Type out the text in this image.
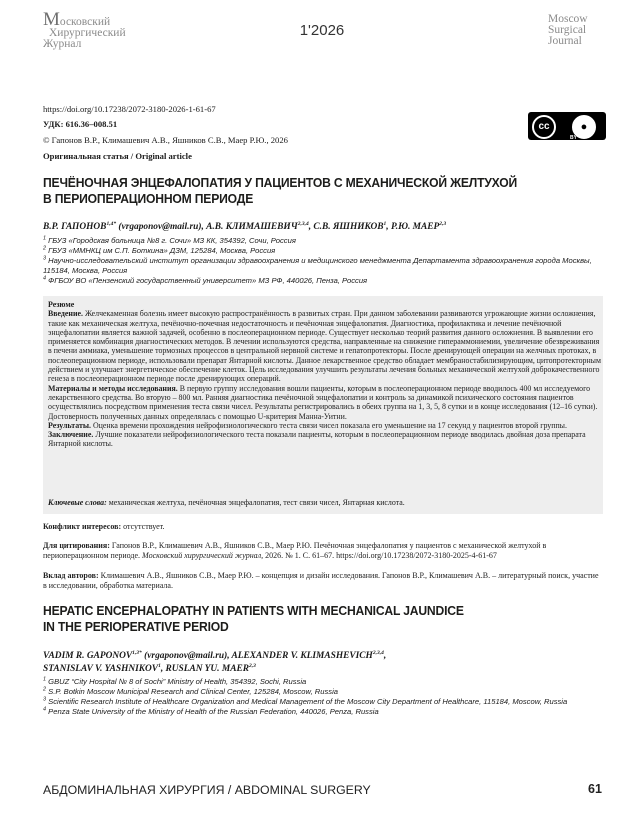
Московский
Хирургический
Журнал
1'2026
Moscow
Surgical
Journal
https://doi.org/10.17238/2072-3180-2026-1-61-67
УДК: 616.36–008.51
© Гапонов В.Р., Климашевич А.В., Яшников С.В., Маер Р.Ю., 2026
Оригинальная статья / Original article
cc	●
BY
ПЕЧЁНОЧНАЯ ЭНЦЕФАЛОПАТИЯ У ПАЦИЕНТОВ С МЕХАНИЧЕСКОЙ ЖЕЛТУХОЙ
В ПЕРИОПЕРАЦИОННОМ ПЕРИОДЕ
В.Р. $ГАПОНОВ^{1,4*}$ (vrgaponov@mail.ru), А.В. КЛИМАШЕВИЧ$^{2,3,4}$, С.В. ЯШНИКОВ$^1$, Р.Ю. МАЕР$^{2,3}$
$^1$ ГБУЗ «Городская больница №8 г. Сочи» МЗ КК, 354392, Сочи, Россия
$^2$ ГБУЗ «ММНКЦ им С.П. Боткина» ДЗМ, 125284, Москва, Россия
$^3$ Научно-исследовательский институт организации здравоохранения и медицинского менеджмента Департамента здравоохранения города Москвы, 115184, Москва, Россия
$^4$ ФГБОУ ВО «Пензенский государственный университет» МЗ РФ, 440026, Пенза, Россия

Резюме

Введение. Желчекаменная болезнь имеет высокую распространённость в развитых стран. При данном заболевании развиваются угрожающие жизни осложнения, такие как механическая желтуха, печёночно-почечная недостаточность и печёночная энцефалопатия. Диагностика, профилактика и лечение печёночной энцефалопатии является важной задачей, особенно в послеоперационном периоде. Существует несколько теорий развития данного осложнения. В выявлении его применяется комбинация диагностических методов. В лечении используются средства, направленные на снижение гипераммониемии, увеличение обезвреживания в печени аммиака, уменьшение тормозных процессов в центральной нервной системе и гепатопротекторы. После дренирующей операции на желчных протоках, в послеоперационном периоде, использовали препарат Янтарной кислоты. Данное лекарственное средство обладает мембраностабилизирующим, цитопротекторным действием и улучшает энергетическое обеспечение клеток. Цель исследования улучшить результаты лечения больных механической желтухой доброкачественного генеза в послеоперационном периоде после дренирующих операций.

Материалы и методы исследования. В первую группу исследования вошли пациенты, которым в послеоперационном периоде вводилось 400 мл исследуемого лекарственного средства. Во вторую – 800 мл. Ранняя диагностика печёночной энцефалопатии и контроль за динамикой психического состояния пациентов осуществлялись посредством применения теста связи чисел. Результаты регистрировались в обеих группа на 1, 3, 5, 8 сутки и в конце исследования (12–16 сутки). Достоверность полученных данных определялась с помощью U-критерия Манна-Уитни.

Результаты. Оценка времени прохождения нейрофизиологического теста связи чисел показала его уменьшение на 17 секунд у пациентов второй группы.

Заключение. Лучшие показатели нейрофизиологического теста показали пациенты, которым в послеоперационном периоде вводилась двойная доза препарата Янтарной кислоты.

Ключевые слова: механическая желтуха, печёночная энцефалопатия, тест связи чисел, Янтарная кислота.
Конфликт интересов: отсутствует.
Для цитирования: Гапонов В.Р., Климашевич А.В., Яшников С.В., Маер Р.Ю. Печёночная энцефалопатия у пациентов с механической желтухой в периоперационном периоде. Московский хирургический журнал, 2026. № 1. С. 61–67. https://doi.org/10.17238/2072-3180-2025-4-61-67
Вклад авторов: Климашевич А.В., Яшников С.В., Маер Р.Ю. – концепция и дизайн исследования. Гапонов В.Р., Климашевич А.В. – литературный поиск, участие в исследовании, обработка материала.
HEPATIC ENCEPHALOPATHY IN PATIENTS WITH MECHANICAL JAUNDICE
IN THE PERIOPERATIVE PERIOD
VADIM R. $GAPONOV^{1,3*}$ (vrgaponov@mail.ru), ALEXANDER V. KLIMASHEVICH$^{2,3,4}$,
STANISLAV V. YASHNIKOV$^1$, RUSLAN YU. MAER$^{2,3}$
$^1$ GBUZ “City Hospital № 8 of Sochi” Ministry of Health, 354392, Sochi, Russia
$^2$ S.P. Botkin Moscow Municipal Research and Clinical Center, 125284, Moscow, Russia
$^3$ Scientific Research Institute of Healthcare Organization and Medical Management of the Moscow City Department of Healthcare, 115184, Moscow, Russia
$^4$ Penza State University of the Ministry of Health of the Russian Federation, 440026, Penza, Russia
АБДОМИНАЛЬНАЯ ХИРУРГИЯ / ABDOMINAL SURGERY	61
